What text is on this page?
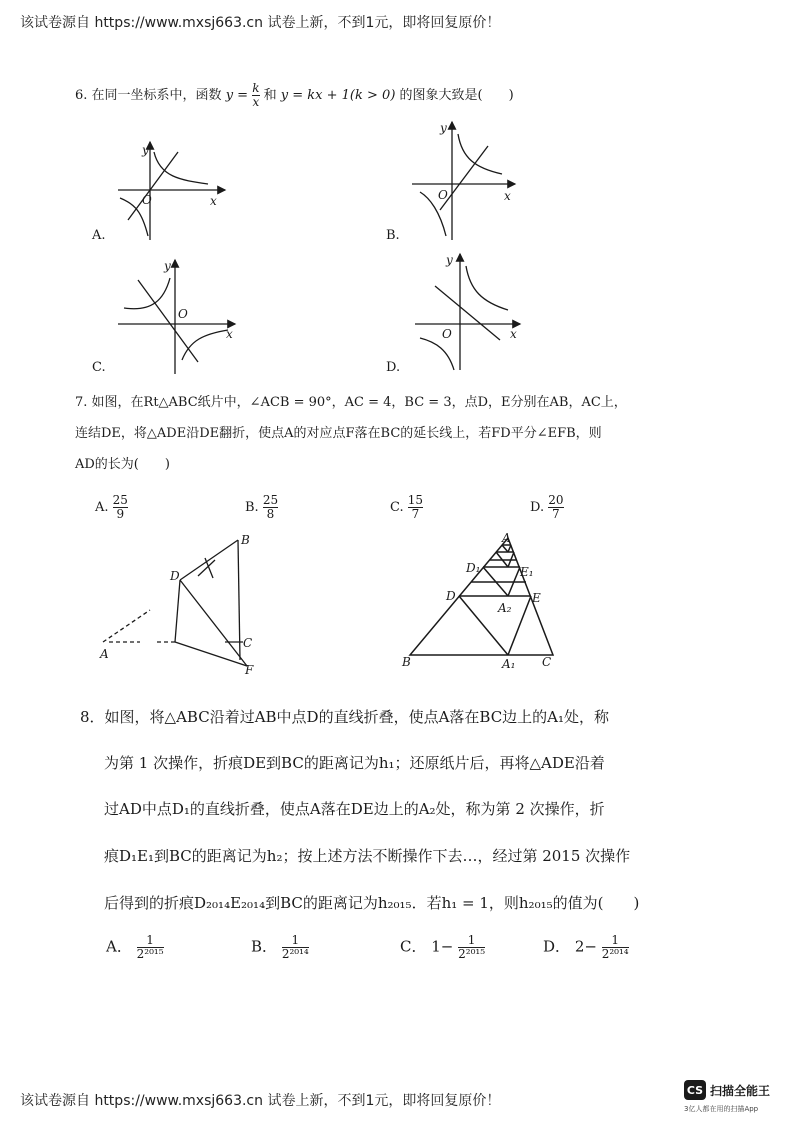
该试卷源自 https://www.mxsj663.cn 试卷上新，不到1元，即将回复原价！
6. 在同一坐标系中，函数 $y = \frac{k}{x}$ 和 y = kx + 1(k > 0) 的图象大致是(　　)
y
x
O
y
x
O
y
x
O
y
x
O
A.	B.
C.	D.
7. 如图，在Rt△ABC纸片中，∠ACB = 90°，AC = 4，BC = 3，点D，E分别在AB，AC上，
连结DE，将△ADE沿DE翻折，使点A的对应点F落在BC的延长线上，若FD平分∠EFB，则
AD的长为(　　)
A. $\frac{25}{9}$	B. $\frac{25}{8}$	C. $\frac{15}{7}$	D. $\frac{20}{7}$
B
D
C
A
F
A
D₁	E₁
D	E
A₂
B	A₁ C
8．如图，将△ABC沿着过AB中点D的直线折叠，使点A落在BC边上的A₁处，称
为第 1 次操作，折痕DE到BC的距离记为h₁；还原纸片后，再将△ADE沿着
过AD中点D₁的直线折叠，使点A落在DE边上的A₂处，称为第 2 次操作，折
痕D₁E₁到BC的距离记为h₂；按上述方法不断操作下去…，经过第 2015 次操作
后得到的折痕D₂₀₁₄E₂₀₁₄到BC的距离记为h₂₀₁₅．若h₁ = 1，则h₂₀₁₅的值为(　　)
A． $\frac{1}{\text{2²⁰¹⁵}}$	B． $\frac{1}{\text{2²⁰¹⁴}}$	C． $1- \frac{1}{\text{2²⁰¹⁵}}$	D． $2- \frac{1}{\text{2²⁰¹⁴}}$
该试卷源自 https://www.mxsj663.cn 试卷上新，不到1元，即将回复原价！
CS 扫描全能王
3亿人都在用的扫描App
